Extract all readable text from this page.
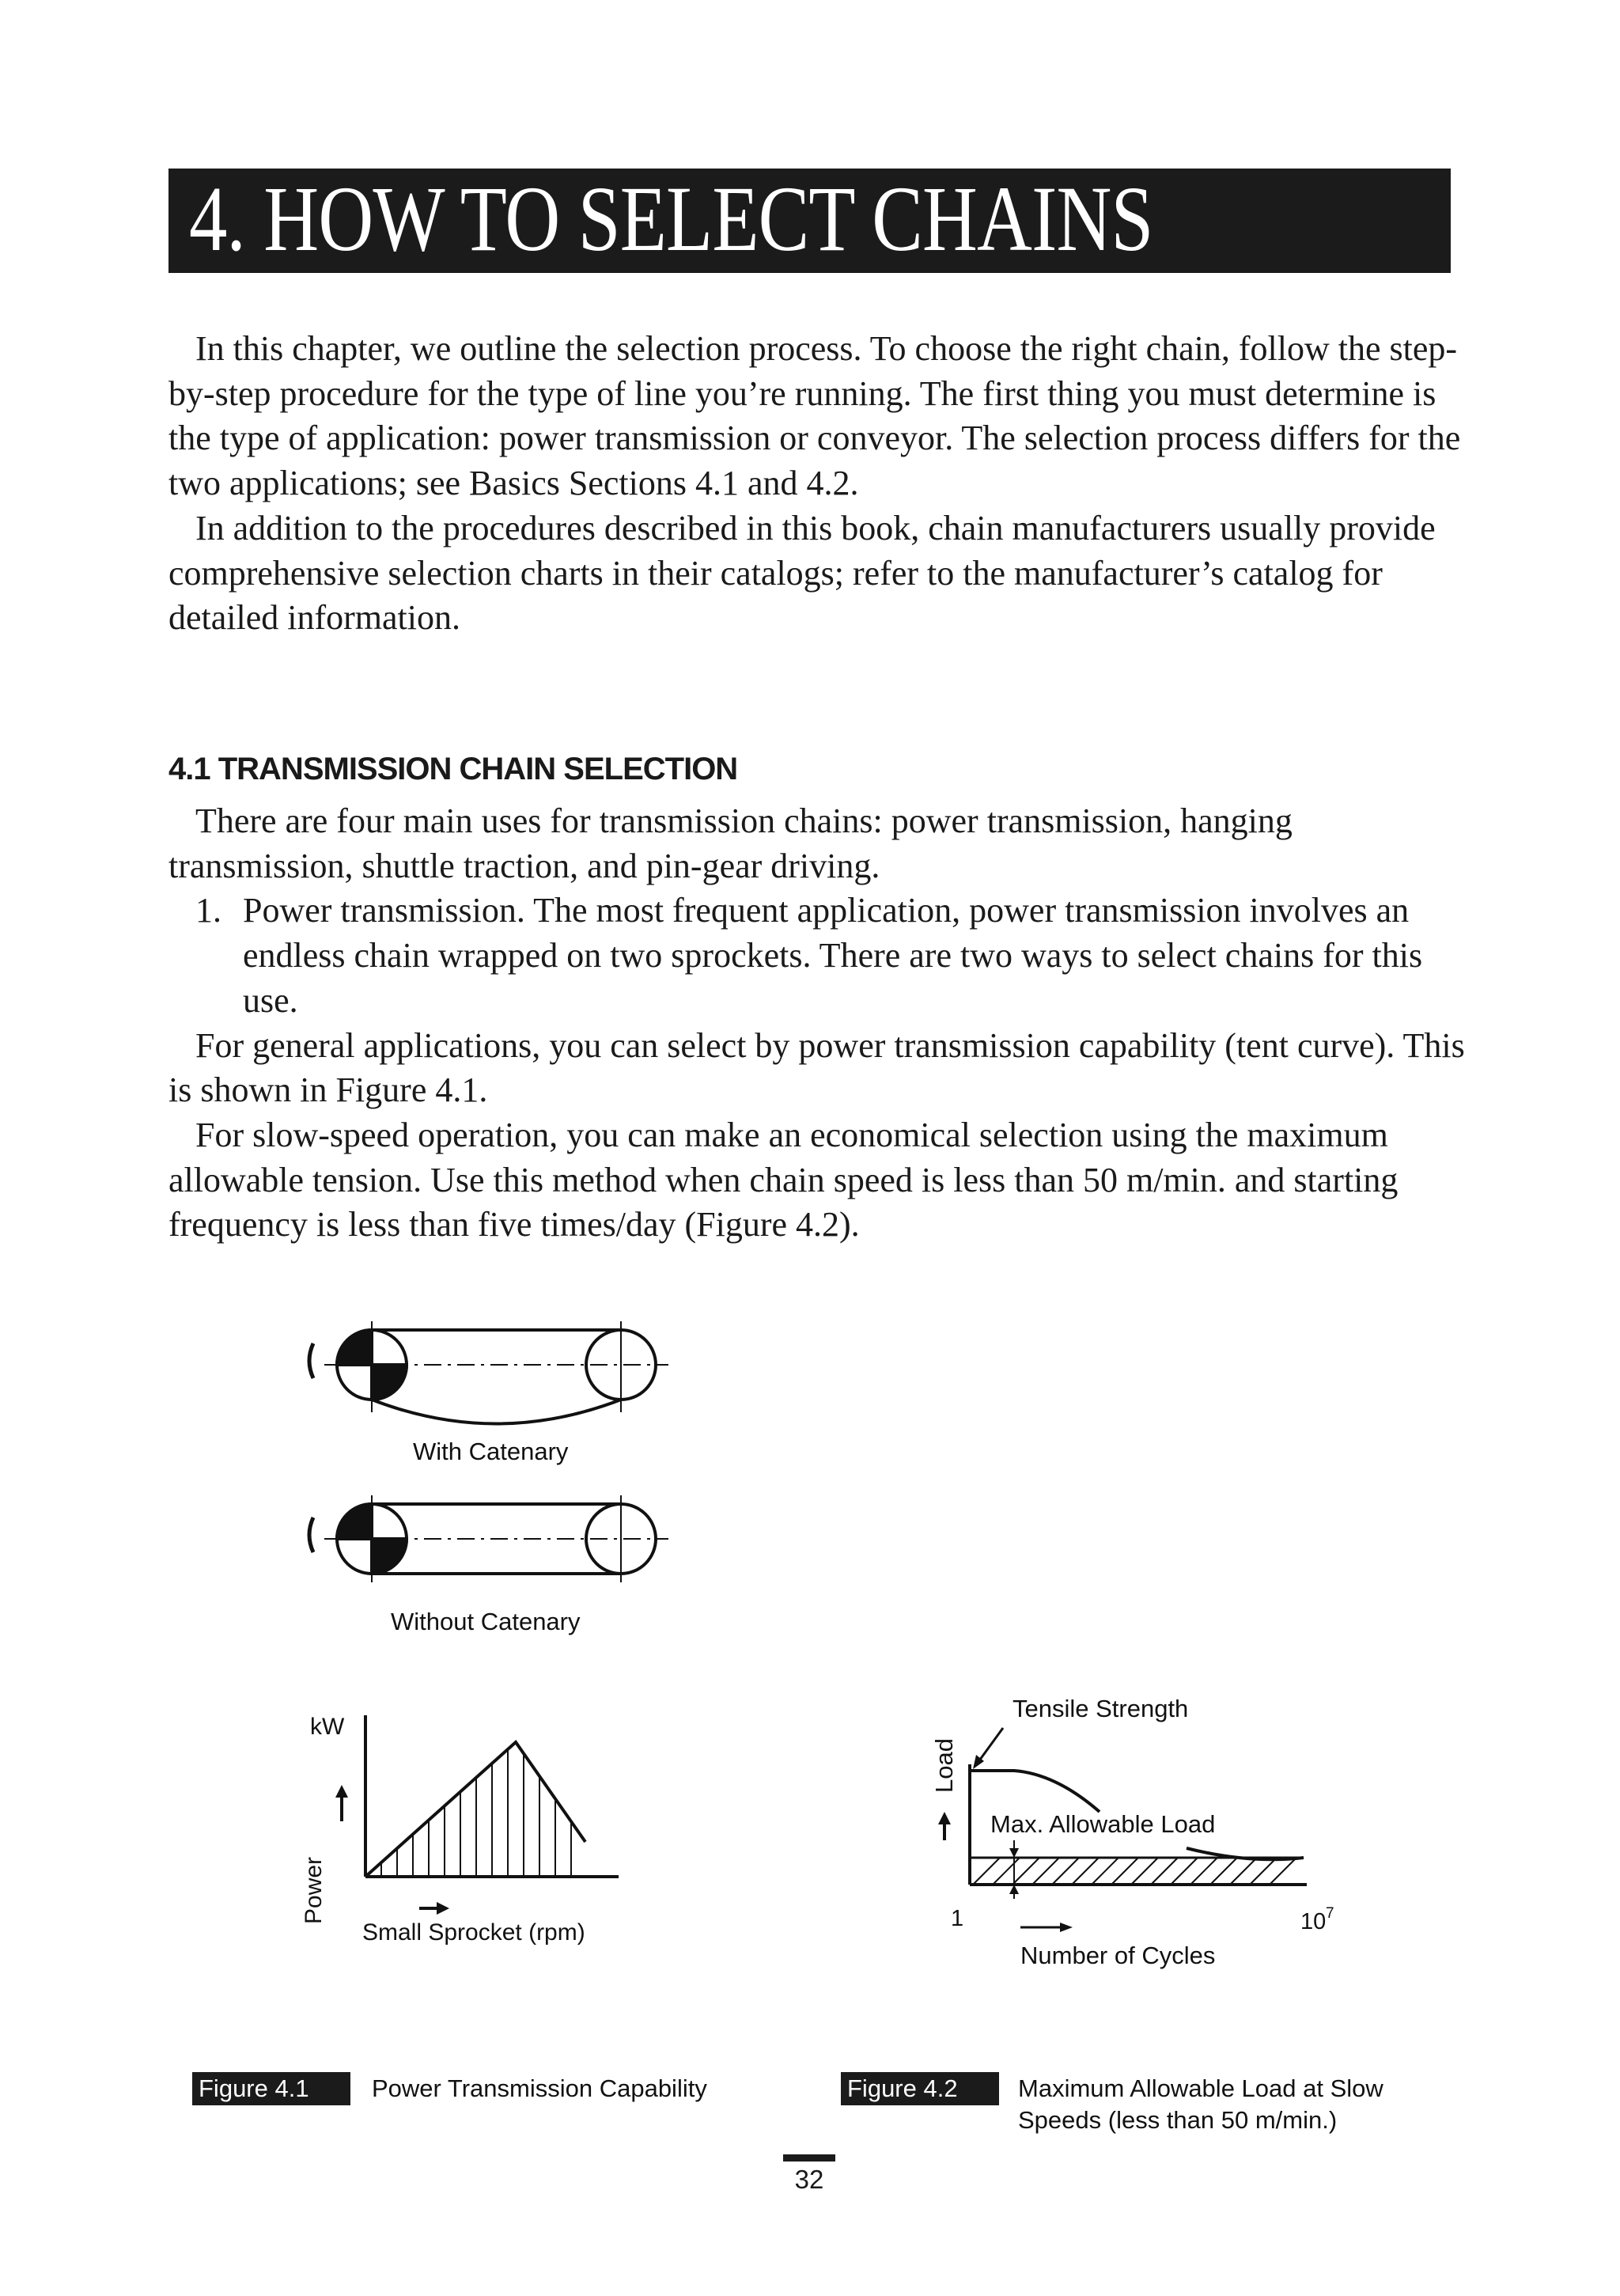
4. HOW TO SELECT CHAINS

In this chapter, we outline the selection process. To choose the right chain, follow the step-by-step procedure for the type of line you’re running. The first thing you must determine is the type of application: power transmission or conveyor. The selection process differs for the two applications; see Basics Sections 4.1 and 4.2.

In addition to the procedures described in this book, chain manufacturers usually provide comprehensive selection charts in their catalogs; refer to the manufacturer’s catalog for detailed information.

4.1 TRANSMISSION CHAIN SELECTION

There are four main uses for transmission chains: power transmission, hanging transmission, shuttle traction, and pin-gear driving.

1. Power transmission. The most frequent application, power transmission involves an endless chain wrapped on two sprockets. There are two ways to select chains for this use.

For general applications, you can select by power transmission capability (tent curve). This is shown in Figure 4.1.

For slow-speed operation, you can make an economical selection using the maximum allowable tension. Use this method when chain speed is less than 50 m/min. and starting frequency is less than five times/day (Figure 4.2).

With Catenary
Without Catenary
kW
Power
Small Sprocket (rpm)
Tensile Strength
Load
Max. Allowable Load
1	10 7
Number of Cycles
Figure 4.1	Power Transmission Capability	Figure 4.2	Maximum Allowable Load at Slow
Speeds (less than 50 m/min.)
32
